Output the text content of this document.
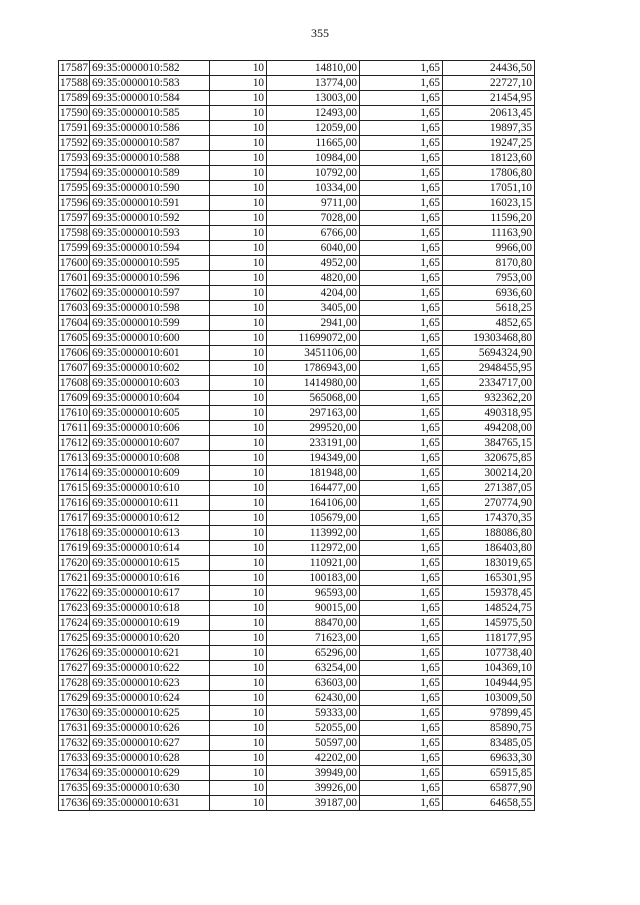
355
17587	69:35:0000010:582	10	14810,00	1,65	24436,50
17588	69:35:0000010:583	10	13774,00	1,65	22727,10
17589	69:35:0000010:584	10	13003,00	1,65	21454,95
17590	69:35:0000010:585	10	12493,00	1,65	20613,45
17591	69:35:0000010:586	10	12059,00	1,65	19897,35
17592	69:35:0000010:587	10	11665,00	1,65	19247,25
17593	69:35:0000010:588	10	10984,00	1,65	18123,60
17594	69:35:0000010:589	10	10792,00	1,65	17806,80
17595	69:35:0000010:590	10	10334,00	1,65	17051,10
17596	69:35:0000010:591	10	9711,00	1,65	16023,15
17597	69:35:0000010:592	10	7028,00	1,65	11596,20
17598	69:35:0000010:593	10	6766,00	1,65	11163,90
17599	69:35:0000010:594	10	6040,00	1,65	9966,00
17600	69:35:0000010:595	10	4952,00	1,65	8170,80
17601	69:35:0000010:596	10	4820,00	1,65	7953,00
17602	69:35:0000010:597	10	4204,00	1,65	6936,60
17603	69:35:0000010:598	10	3405,00	1,65	5618,25
17604	69:35:0000010:599	10	2941,00	1,65	4852,65
17605	69:35:0000010:600	10	11699072,00	1,65	19303468,80
17606	69:35:0000010:601	10	3451106,00	1,65	5694324,90
17607	69:35:0000010:602	10	1786943,00	1,65	2948455,95
17608	69:35:0000010:603	10	1414980,00	1,65	2334717,00
17609	69:35:0000010:604	10	565068,00	1,65	932362,20
17610	69:35:0000010:605	10	297163,00	1,65	490318,95
17611	69:35:0000010:606	10	299520,00	1,65	494208,00
17612	69:35:0000010:607	10	233191,00	1,65	384765,15
17613	69:35:0000010:608	10	194349,00	1,65	320675,85
17614	69:35:0000010:609	10	181948,00	1,65	300214,20
17615	69:35:0000010:610	10	164477,00	1,65	271387,05
17616	69:35:0000010:611	10	164106,00	1,65	270774,90
17617	69:35:0000010:612	10	105679,00	1,65	174370,35
17618	69:35:0000010:613	10	113992,00	1,65	188086,80
17619	69:35:0000010:614	10	112972,00	1,65	186403,80
17620	69:35:0000010:615	10	110921,00	1,65	183019,65
17621	69:35:0000010:616	10	100183,00	1,65	165301,95
17622	69:35:0000010:617	10	96593,00	1,65	159378,45
17623	69:35:0000010:618	10	90015,00	1,65	148524,75
17624	69:35:0000010:619	10	88470,00	1,65	145975,50
17625	69:35:0000010:620	10	71623,00	1,65	118177,95
17626	69:35:0000010:621	10	65296,00	1,65	107738,40
17627	69:35:0000010:622	10	63254,00	1,65	104369,10
17628	69:35:0000010:623	10	63603,00	1,65	104944,95
17629	69:35:0000010:624	10	62430,00	1,65	103009,50
17630	69:35:0000010:625	10	59333,00	1,65	97899,45
17631	69:35:0000010:626	10	52055,00	1,65	85890,75
17632	69:35:0000010:627	10	50597,00	1,65	83485,05
17633	69:35:0000010:628	10	42202,00	1,65	69633,30
17634	69:35:0000010:629	10	39949,00	1,65	65915,85
17635	69:35:0000010:630	10	39926,00	1,65	65877,90
17636	69:35:0000010:631	10	39187,00	1,65	64658,55
